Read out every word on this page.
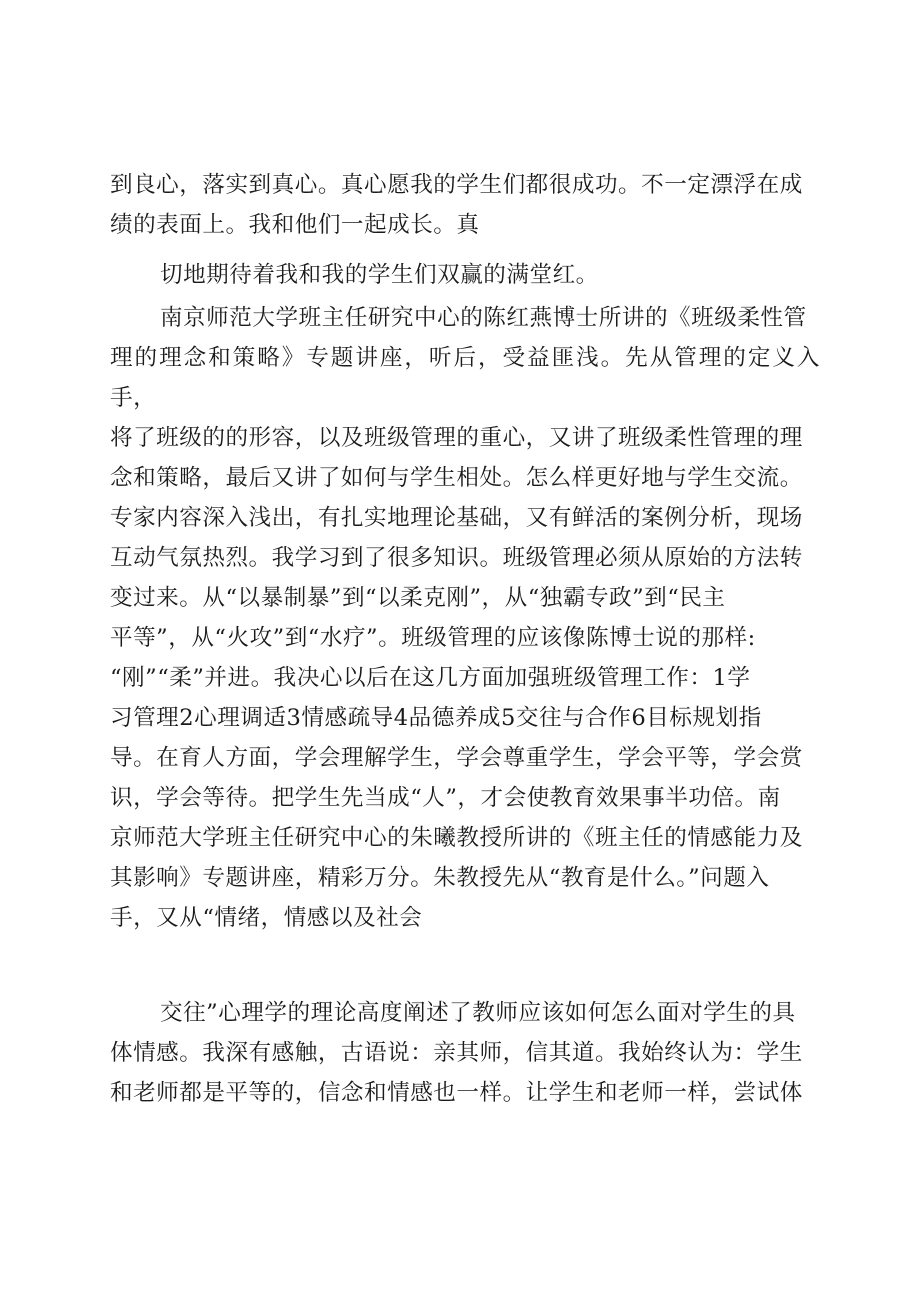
到良心，落实到真心。真心愿我的学生们都很成功。不一定漂浮在成
绩的表面上。我和他们一起成长。真

切地期待着我和我的学生们双赢的满堂红。

南京师范大学班主任研究中心的陈红燕博士所讲的《班级柔性管
理的理念和策略》专题讲座，听后，受益匪浅。先从管理的定义入手，
将了班级的的形容，以及班级管理的重心，又讲了班级柔性管理的理
念和策略，最后又讲了如何与学生相处。怎么样更好地与学生交流。
专家内容深入浅出，有扎实地理论基础，又有鲜活的案例分析，现场
互动气氛热烈。我学习到了很多知识。班级管理必须从原始的方法转
变过来。从“以暴制暴”到“以柔克刚”，从“独霸专政”到“民主
平等”，从“火攻”到“水疗”。班级管理的应该像陈博士说的那样:
“刚”“柔”并进。我决心以后在这几方面加强班级管理工作：1学
习管理2心理调适3情感疏导4品德养成5交往与合作6目标规划指
导。在育人方面，学会理解学生，学会尊重学生，学会平等，学会赏
识，学会等待。把学生先当成“人”，才会使教育效果事半功倍。南
京师范大学班主任研究中心的朱曦教授所讲的《班主任的情感能力及
其影响》专题讲座，精彩万分。朱教授先从“教育是什么。”问题入
手，又从“情绪，情感以及社会

交往”心理学的理论高度阐述了教师应该如何怎么面对学生的具
体情感。我深有感触，古语说：亲其师，信其道。我始终认为：学生
和老师都是平等的，信念和情感也一样。让学生和老师一样，尝试体
